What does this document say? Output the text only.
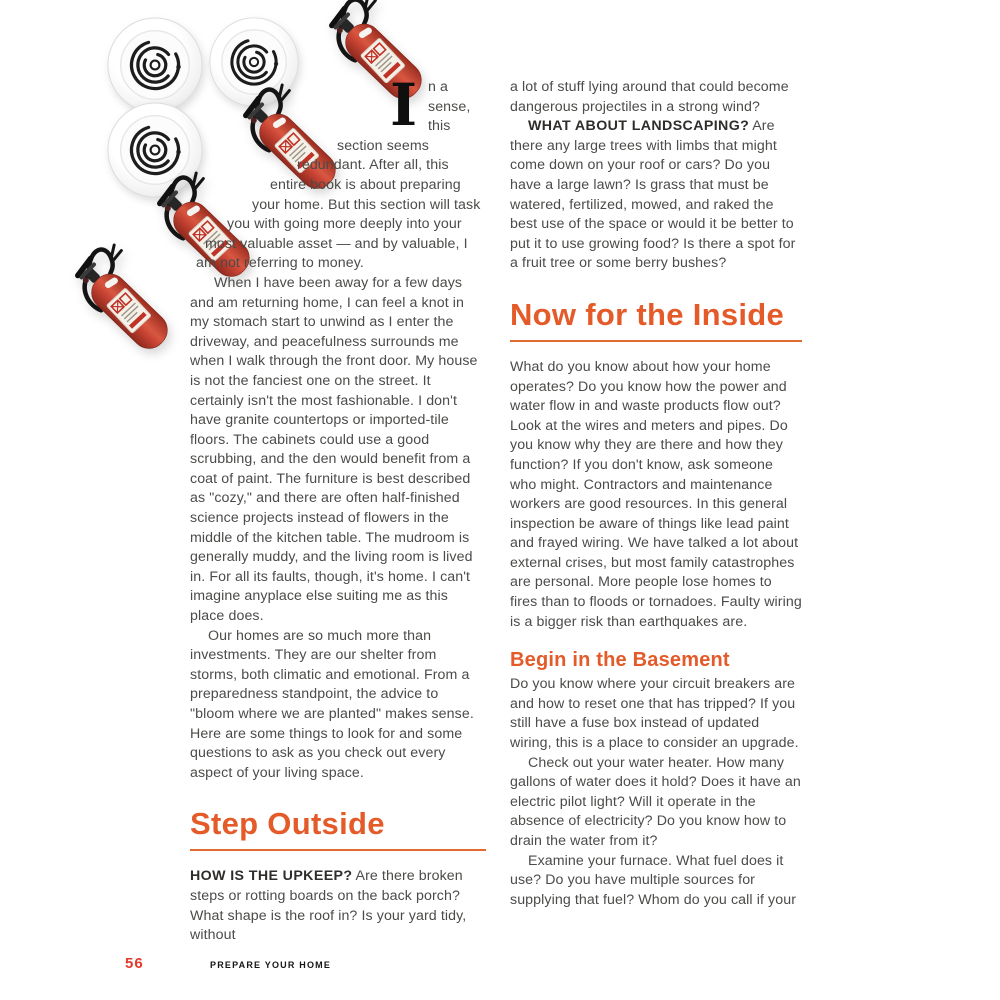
I n a sense, this section seems redundant. After all, this entire book is about preparing your home. But this section will task you with going more deeply into your most valuable asset — and by valuable, I am not referring to money.

When I have been away for a few days and am returning home, I can feel a knot in my stomach start to unwind as I enter the driveway, and peacefulness surrounds me when I walk through the front door. My house is not the fanciest one on the street. It certainly isn't the most fashionable. I don't have granite countertops or imported-tile floors. The cabinets could use a good scrubbing, and the den would benefit from a coat of paint. The furniture is best described as "cozy," and there are often half-finished science projects instead of flowers in the middle of the kitchen table. The mudroom is generally muddy, and the living room is lived in. For all its faults, though, it's home. I can't imagine anyplace else suiting me as this place does.

Our homes are so much more than investments. They are our shelter from storms, both climatic and emotional. From a preparedness standpoint, the advice to "bloom where we are planted" makes sense. Here are some things to look for and some questions to ask as you check out every aspect of your living space.

Step Outside

HOW IS THE UPKEEP? Are there broken steps or rotting boards on the back porch? What shape is the roof in? Is your yard tidy, without

a lot of stuff lying around that could become dangerous projectiles in a strong wind?

WHAT ABOUT LANDSCAPING? Are there any large trees with limbs that might come down on your roof or cars? Do you have a large lawn? Is grass that must be watered, fertilized, mowed, and raked the best use of the space or would it be better to put it to use growing food? Is there a spot for a fruit tree or some berry bushes?

Now for the Inside

What do you know about how your home operates? Do you know how the power and water flow in and waste products flow out? Look at the wires and meters and pipes. Do you know why they are there and how they function? If you don't know, ask someone who might. Contractors and maintenance workers are good resources. In this general inspection be aware of things like lead paint and frayed wiring. We have talked a lot about external crises, but most family catastrophes are personal. More people lose homes to fires than to floods or tornadoes. Faulty wiring is a bigger risk than earthquakes are.

Begin in the Basement

Do you know where your circuit breakers are and how to reset one that has tripped? If you still have a fuse box instead of updated wiring, this is a place to consider an upgrade.

Check out your water heater. How many gallons of water does it hold? Does it have an electric pilot light? Will it operate in the absence of electricity? Do you know how to drain the water from it?

Examine your furnace. What fuel does it use? Do you have multiple sources for supplying that fuel? Whom do you call if your

56	PREPARE YOUR HOME
